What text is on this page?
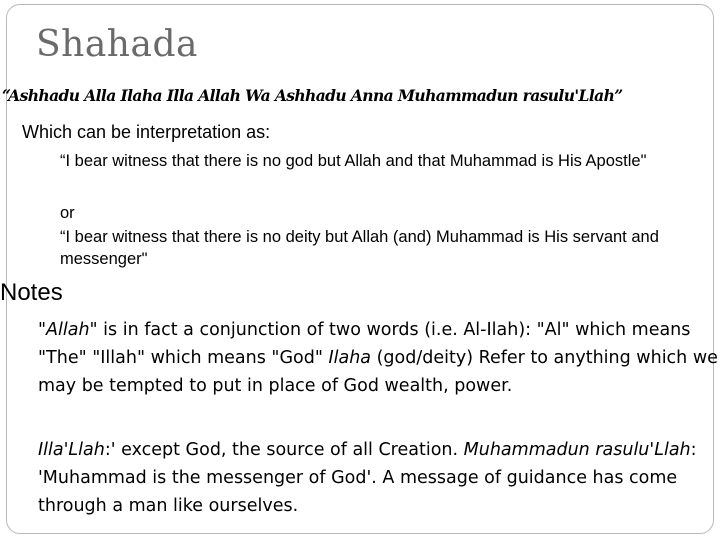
Shahada
“Ashhadu Alla Ilaha Illa Allah Wa Ashhadu Anna Muhammadun rasulu'Llah”
Which can be interpretation as:
“I bear witness that there is no god but Allah and that Muhammad is His Apostle"
or
“I bear witness that there is no deity but Allah (and) Muhammad is His servant and messenger"
Notes
"Allah" is in fact a conjunction of two words (i.e. Al-Ilah): "Al" which means "The" "Illah" which means "God" Ilaha (god/deity) Refer to anything which we may be tempted to put in place of God wealth, power.
Illa'Llah:' except God, the source of all Creation. Muhammadun rasulu'Llah: 'Muhammad is the messenger of God'. A message of guidance has come through a man like ourselves.
